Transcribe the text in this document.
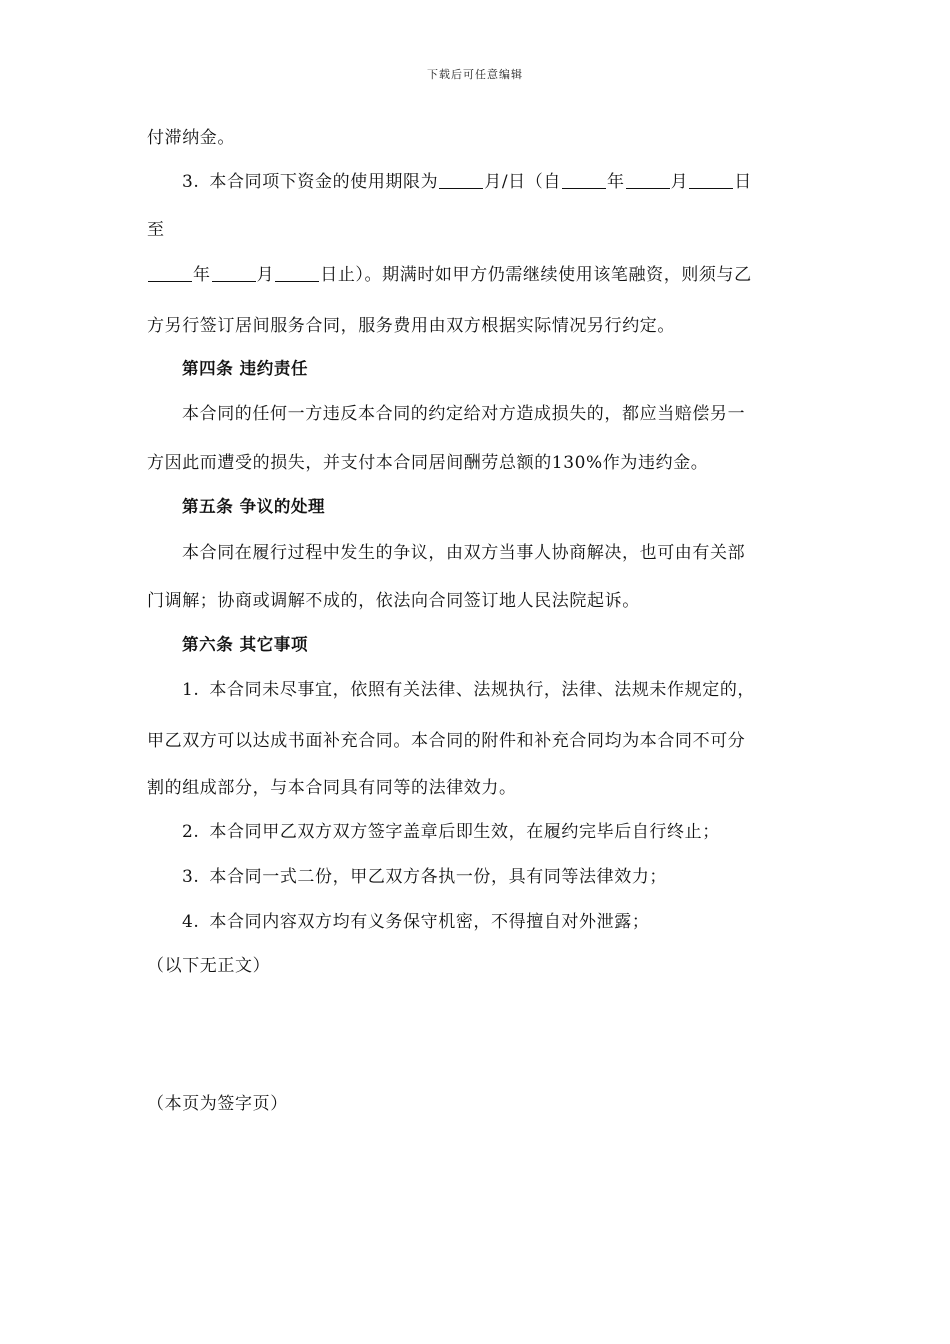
下载后可任意编辑
付滞纳金。
3. 本合同项下资金的使用期限为	月/日（自	年	月	日
至
年	月	日止）。期满时如甲方仍需继续使用该笔融资，则须与乙
方另行签订居间服务合同，服务费用由双方根据实际情况另行约定。
第四条 违约责任
本合同的任何一方违反本合同的约定给对方造成损失的，都应当赔偿另一
方因此而遭受的损失，并支付本合同居间酬劳总额的130%作为违约金。
第五条 争议的处理
本合同在履行过程中发生的争议，由双方当事人协商解决，也可由有关部
门调解；协商或调解不成的，依法向合同签订地人民法院起诉。
第六条 其它事项
1. 本合同未尽事宜，依照有关法律、法规执行，法律、法规未作规定的，
甲乙双方可以达成书面补充合同。本合同的附件和补充合同均为本合同不可分
割的组成部分，与本合同具有同等的法律效力。
2. 本合同甲乙双方双方签字盖章后即生效，在履约完毕后自行终止；
3. 本合同一式二份，甲乙双方各执一份，具有同等法律效力；
4. 本合同内容双方均有义务保守机密，不得擅自对外泄露；
（以下无正文）
（本页为签字页）
